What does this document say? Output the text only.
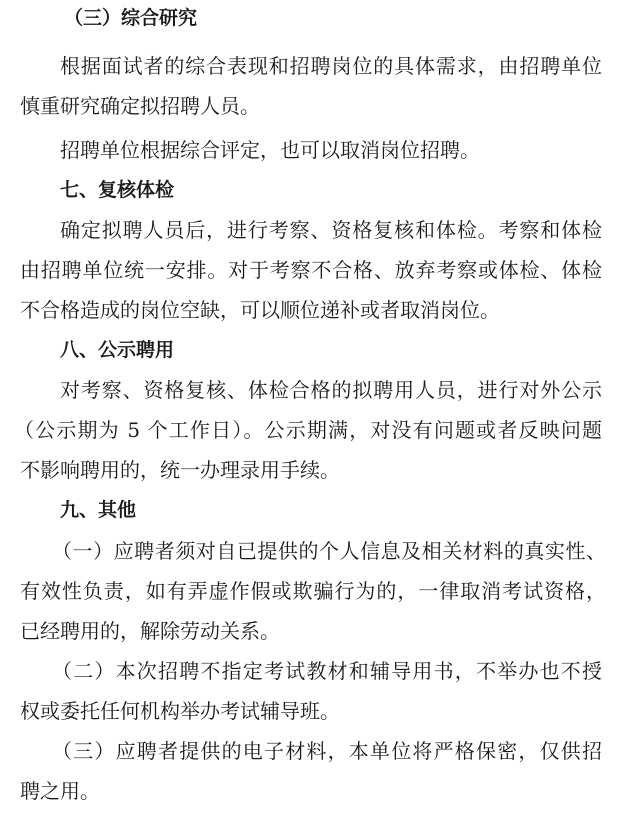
（三）综合研究
根据面试者的综合表现和招聘岗位的具体需求，由招聘单位
慎重研究确定拟招聘人员。
招聘单位根据综合评定，也可以取消岗位招聘。
七、复核体检
确定拟聘人员后，进行考察、资格复核和体检。考察和体检
由招聘单位统一安排。对于考察不合格、放弃考察或体检、体检
不合格造成的岗位空缺，可以顺位递补或者取消岗位。
八、公示聘用
对考察、资格复核、体检合格的拟聘用人员，进行对外公示
（公示期为 5 个工作日）。公示期满，对没有问题或者反映问题
不影响聘用的，统一办理录用手续。
九、其他
（一）应聘者须对自已提供的个人信息及相关材料的真实性、
有效性负责，如有弄虚作假或欺骗行为的，一律取消考试资格，
已经聘用的，解除劳动关系。
（二）本次招聘不指定考试教材和辅导用书，不举办也不授
权或委托任何机构举办考试辅导班。
（三）应聘者提供的电子材料，本单位将严格保密，仅供招
聘之用。
